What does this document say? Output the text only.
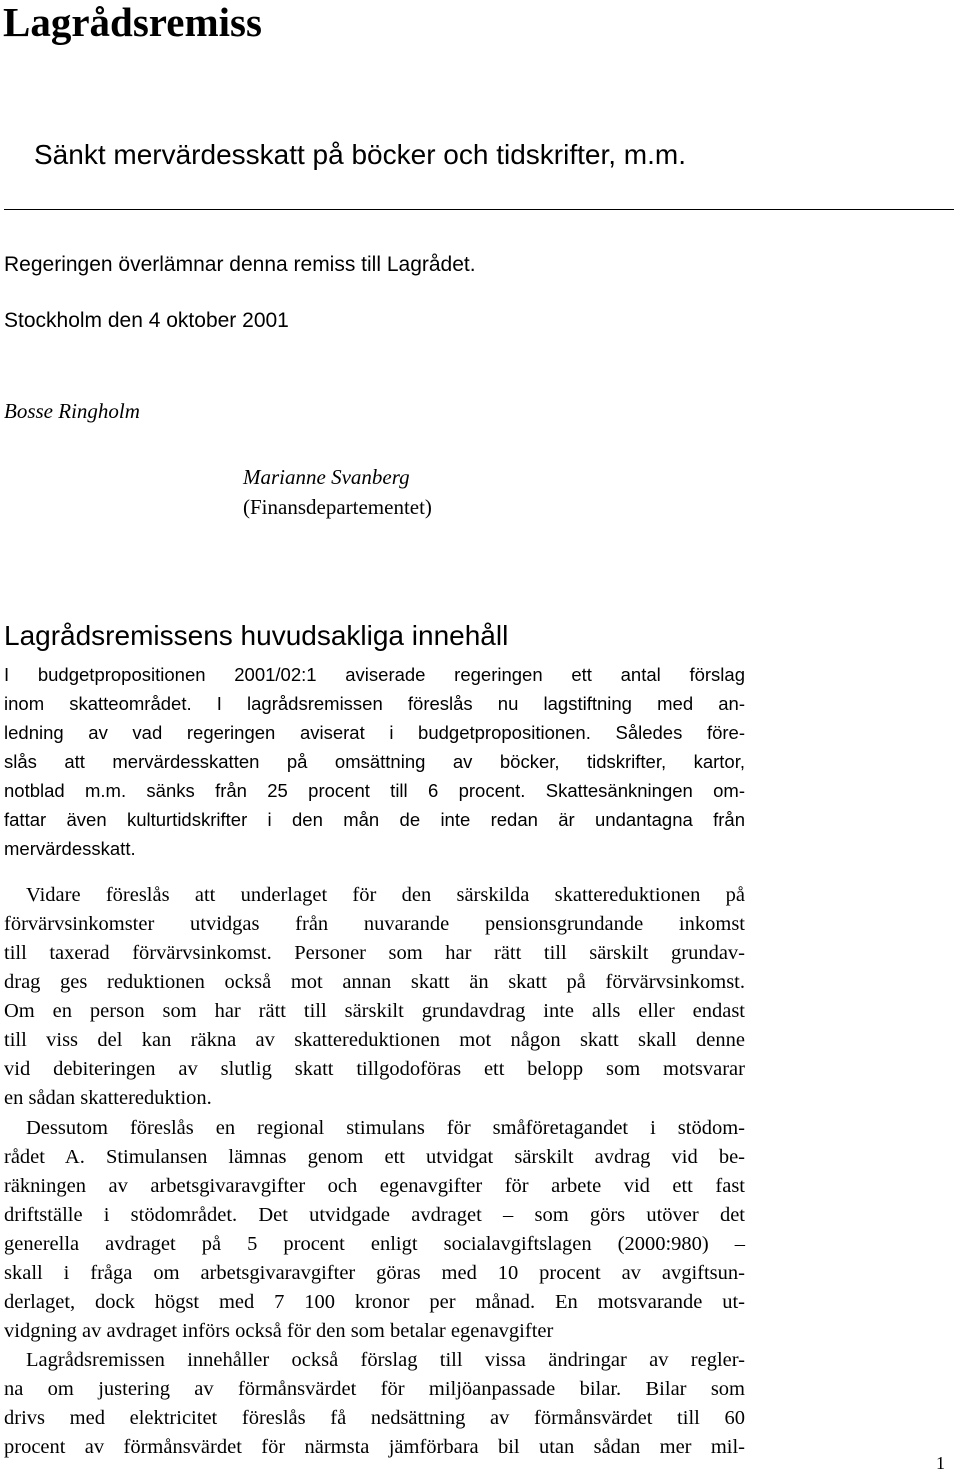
Lagrådsremiss
Sänkt mervärdesskatt på böcker och tidskrifter, m.m.

Regeringen överlämnar denna remiss till Lagrådet.

Stockholm den 4 oktober 2001

Bosse Ringholm

Marianne Svanberg

(Finansdepartementet)

Lagrådsremissens huvudsakliga innehåll
I budgetpropositionen 2001/02:1 aviserade regeringen ett antal förslag
inom skatteområdet. I lagrådsremissen föreslås nu lagstiftning med an-
ledning av vad regeringen aviserat i budgetpropositionen. Således före-
slås att mervärdesskatten på omsättning av böcker, tidskrifter, kartor,
notblad m.m. sänks från 25 procent till 6 procent. Skattesänkningen om-
fattar även kulturtidskrifter i den mån de inte redan är undantagna från
mervärdesskatt.
Vidare föreslås att underlaget för den särskilda skattereduktionen på
förvärvsinkomster utvidgas från nuvarande pensionsgrundande inkomst
till taxerad förvärvsinkomst. Personer som har rätt till särskilt grundav-
drag ges reduktionen också mot annan skatt än skatt på förvärvsinkomst.
Om en person som har rätt till särskilt grundavdrag inte alls eller endast
till viss del kan räkna av skattereduktionen mot någon skatt skall denne
vid debiteringen av slutlig skatt tillgodoföras ett belopp som motsvarar
en sådan skattereduktion.
Dessutom föreslås en regional stimulans för småföretagandet i stödom-
rådet A. Stimulansen lämnas genom ett utvidgat särskilt avdrag vid be-
räkningen av arbetsgivaravgifter och egenavgifter för arbete vid ett fast
driftställe i stödområdet. Det utvidgade avdraget – som görs utöver det
generella avdraget på 5 procent enligt socialavgiftslagen (2000:980) –
skall i fråga om arbetsgivaravgifter göras med 10 procent av avgiftsun-
derlaget, dock högst med 7 100 kronor per månad. En motsvarande ut-
vidgning av avdraget införs också för den som betalar egenavgifter
Lagrådsremissen innehåller också förslag till vissa ändringar av regler-
na om justering av förmånsvärdet för miljöanpassade bilar. Bilar som
drivs med elektricitet föreslås få nedsättning av förmånsvärdet till 60
procent av förmånsvärdet för närmsta jämförbara bil utan sådan mer mil-
1
